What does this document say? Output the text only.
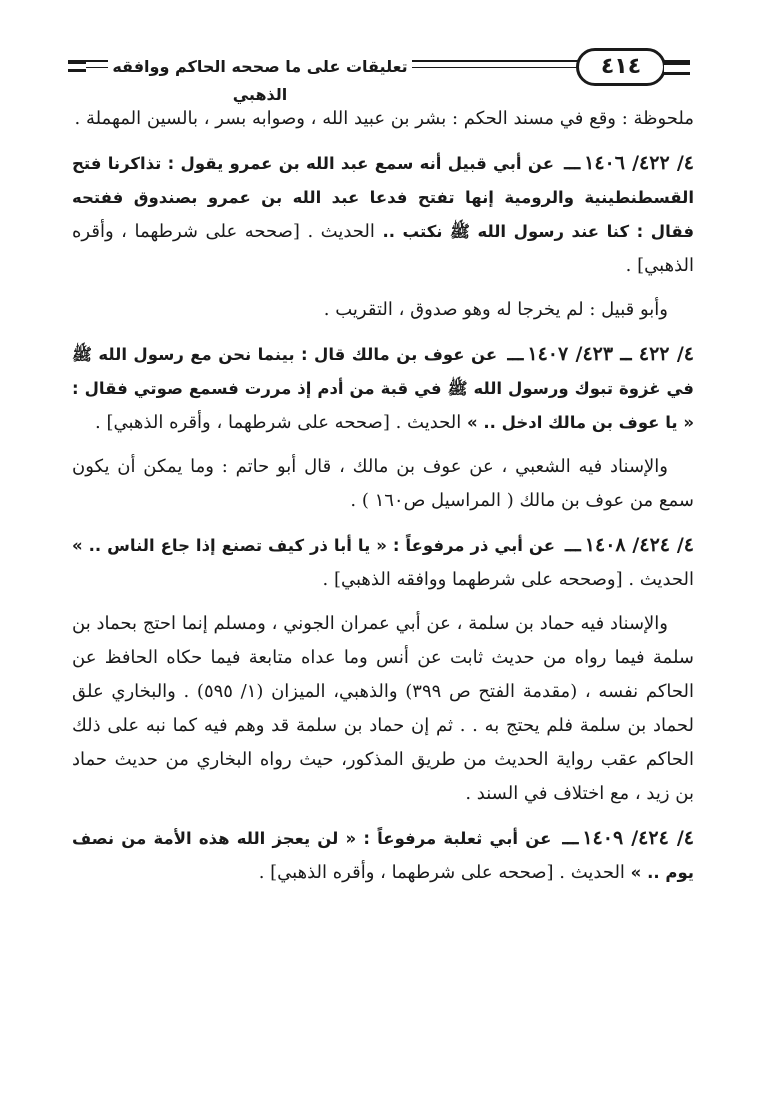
تعليقات على ما صححه الحاكم ووافقه الذهبي
٤١٤

ملحوظة : وقع في مسند الحكم : بشر بن عبيد الله ، وصوابه بسر ، بالسين المهملة .

٤/ ٤٢٢/ ١٤٠٦ـــ عن أبي قبيل أنه سمع عبد الله بن عمرو يقول : تذاكرنا فتح القسطنطينية والرومية إنها تفتح فدعا عبد الله بن عمرو بصندوق ففتحه فقال : كنا عند رسول الله ﷺ نكتب .. الحديث . [صححه على شرطهما ، وأقره الذهبي] .

وأبو قبيل : لم يخرجا له وهو صدوق ، التقريب .

٤/ ٤٢٢ ــ ٤٢٣/ ١٤٠٧ـــ عن عوف بن مالك قال : بينما نحن مع رسول الله ﷺ في غزوة تبوك ورسول الله ﷺ في قبة من أدم إذ مررت فسمع صوتي فقال : « يا عوف بن مالك ادخل .. » الحديث . [صححه على شرطهما ، وأقره الذهبي] .

والإسناد فيه الشعبي ، عن عوف بن مالك ، قال أبو حاتم : وما يمكن أن يكون سمع من عوف بن مالك ( المراسيل ص١٦٠ ) .

٤/ ٤٢٤/ ١٤٠٨ـــ عن أبي ذر مرفوعاً : « يا أبا ذر كيف تصنع إذا جاع الناس .. » الحديث . [وصححه على شرطهما ووافقه الذهبي] .

والإسناد فيه حماد بن سلمة ، عن أبي عمران الجوني ، ومسلم إنما احتج بحماد بن سلمة فيما رواه من حديث ثابت عن أنس وما عداه متابعة فيما حكاه الحافظ عن الحاكم نفسه ، (مقدمة الفتح ص ٣٩٩) والذهبي، الميزان (١/ ٥٩٥) . والبخاري علق لحماد بن سلمة فلم يحتج به . . ثم إن حماد بن سلمة قد وهم فيه كما نبه على ذلك الحاكم عقب رواية الحديث من طريق المذكور، حيث رواه البخاري من حديث حماد بن زيد ، مع اختلاف في السند .

٤/ ٤٢٤/ ١٤٠٩ـــ عن أبي ثعلبة مرفوعاً : « لن يعجز الله هذه الأمة من نصف يوم .. » الحديث . [صححه على شرطهما ، وأقره الذهبي] .
